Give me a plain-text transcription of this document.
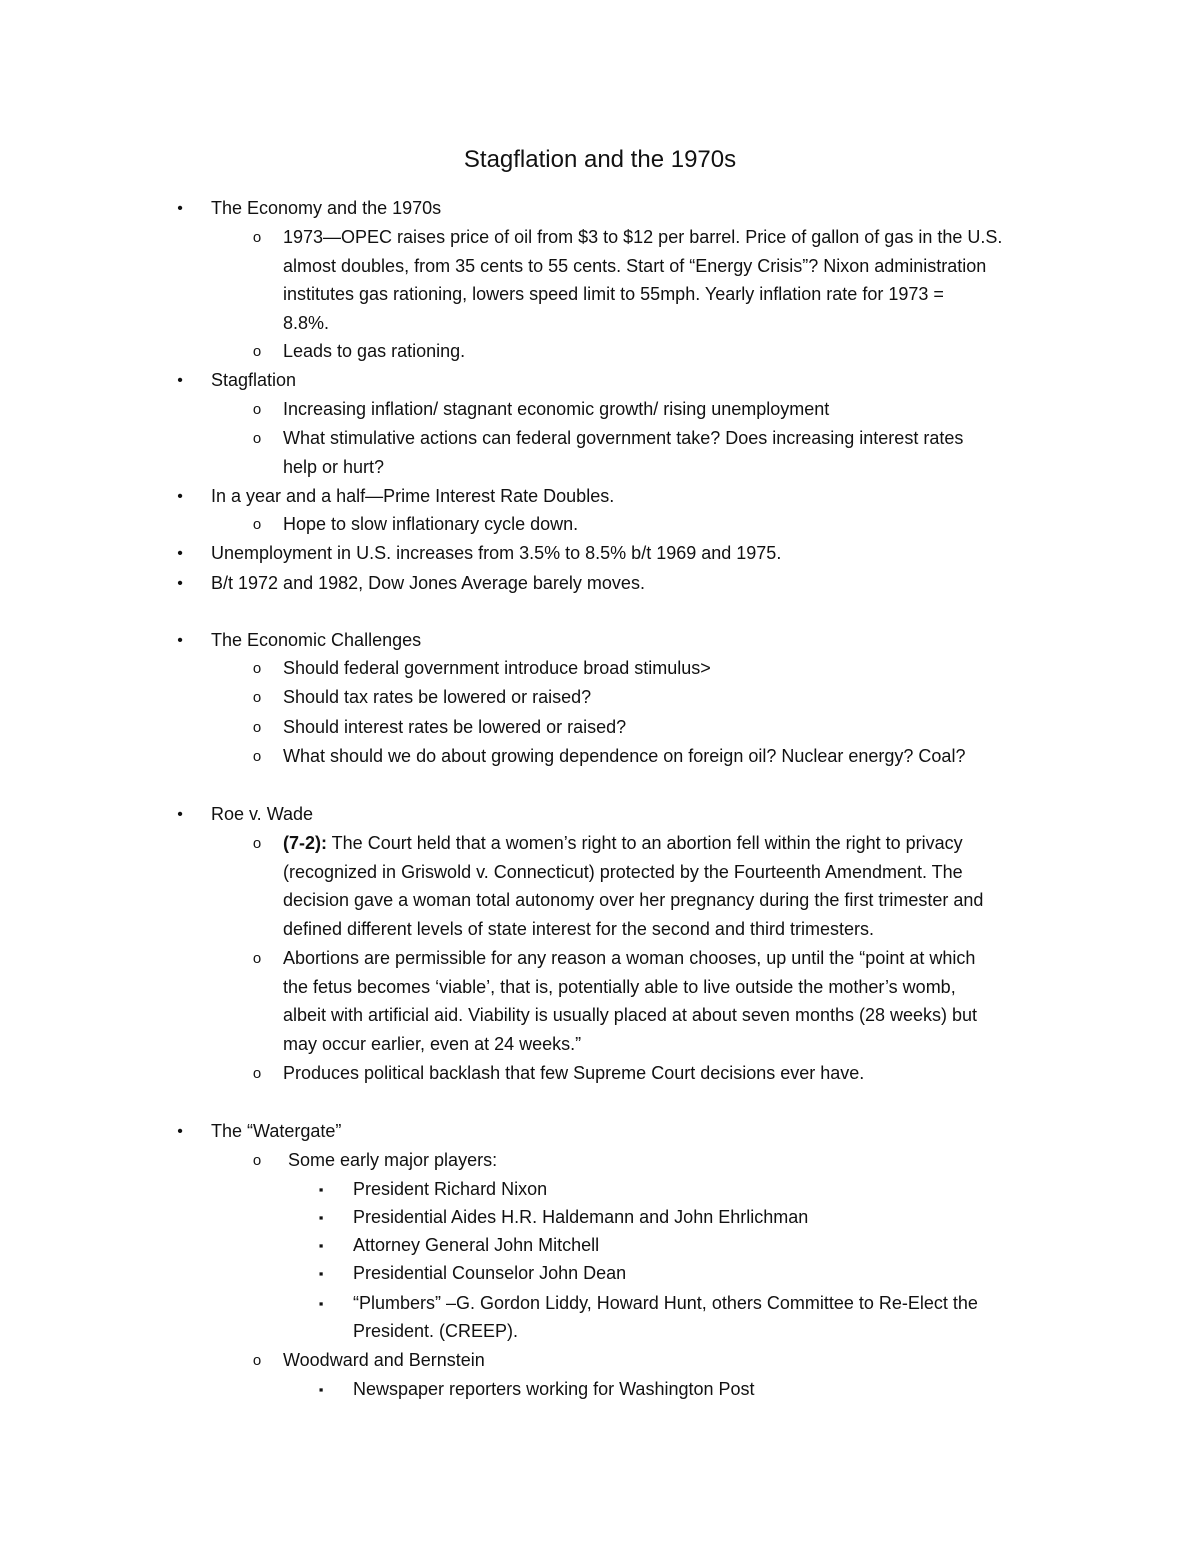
Stagflation and the 1970s
• The Economy and the 1970s
o 1973—OPEC raises price of oil from $3 to $12 per barrel. Price of gallon of gas in the U.S.
almost doubles, from 35 cents to 55 cents. Start of “Energy Crisis”? Nixon administration
institutes gas rationing, lowers speed limit to 55mph. Yearly inflation rate for 1973 =
8.8%.
o Leads to gas rationing.
• Stagflation
o Increasing inflation/ stagnant economic growth/ rising unemployment
o What stimulative actions can federal government take? Does increasing interest rates
help or hurt?
• In a year and a half—Prime Interest Rate Doubles.
o Hope to slow inflationary cycle down.
• Unemployment in U.S. increases from 3.5% to 8.5% b/t 1969 and 1975.
• B/t 1972 and 1982, Dow Jones Average barely moves.
• The Economic Challenges
o Should federal government introduce broad stimulus>
o Should tax rates be lowered or raised?
o Should interest rates be lowered or raised?
o What should we do about growing dependence on foreign oil? Nuclear energy? Coal?
• Roe v. Wade
o (7-2): The Court held that a women’s right to an abortion fell within the right to privacy
(recognized in Griswold v. Connecticut) protected by the Fourteenth Amendment. The
decision gave a woman total autonomy over her pregnancy during the first trimester and
defined different levels of state interest for the second and third trimesters.
o Abortions are permissible for any reason a woman chooses, up until the “point at which
the fetus becomes ‘viable’, that is, potentially able to live outside the mother’s womb,
albeit with artificial aid. Viability is usually placed at about seven months (28 weeks) but
may occur earlier, even at 24 weeks.”
o Produces political backlash that few Supreme Court decisions ever have.
• The “Watergate”
o Some early major players:
▪ President Richard Nixon
▪ Presidential Aides H.R. Haldemann and John Ehrlichman
▪ Attorney General John Mitchell
▪ Presidential Counselor John Dean
▪ “Plumbers” –G. Gordon Liddy, Howard Hunt, others Committee to Re-Elect the
President. (CREEP).
o Woodward and Bernstein
▪ Newspaper reporters working for Washington Post
